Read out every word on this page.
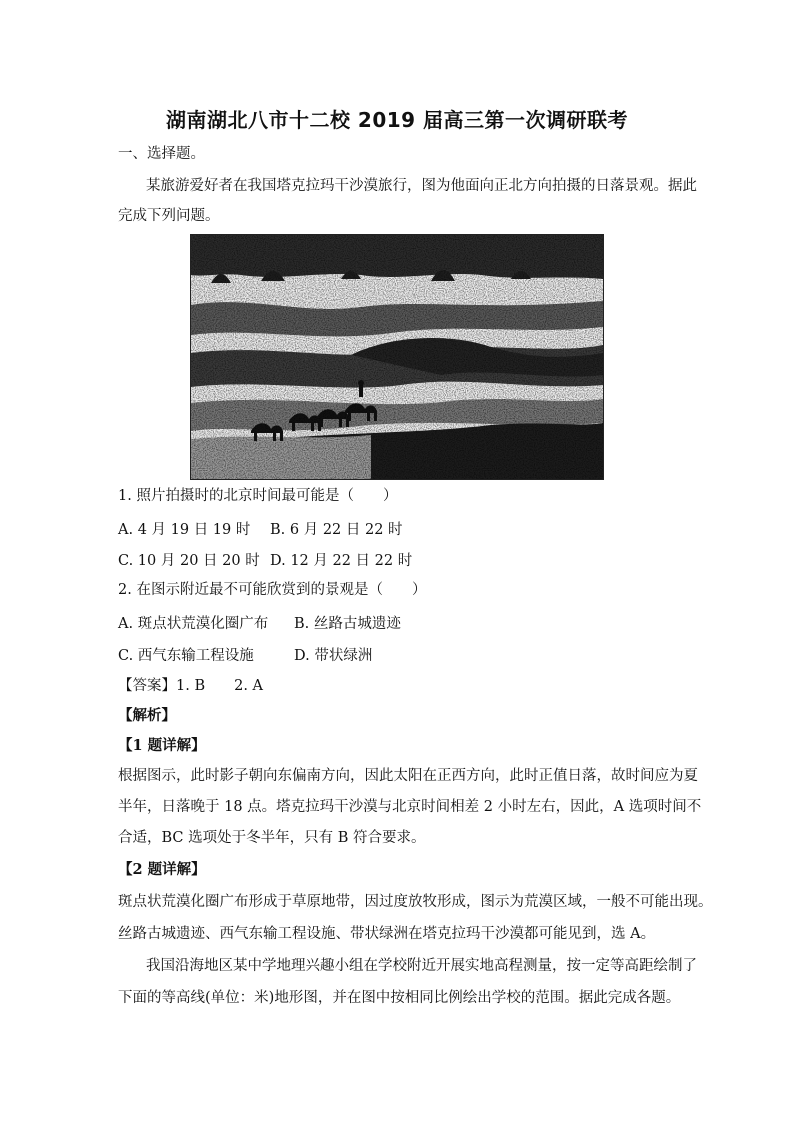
湖南湖北八市十二校 2019 届高三第一次调研联考
一、选择题。
某旅游爱好者在我国塔克拉玛干沙漠旅行，图为他面向正北方向拍摄的日落景观。据此
完成下列问题。
1. 照片拍摄时的北京时间最可能是（　　）
A. 4 月 19 日 19 时 B. 6 月 22 日 22 时
C. 10 月 20 日 20 时 D. 12 月 22 日 22 时
2. 在图示附近最不可能欣赏到的景观是（　　）
A. 斑点状荒漠化圈广布 B. 丝路古城遗迹
C. 西气东输工程设施	D. 带状绿洲
【答案】1. B　　2. A
【解析】
【1 题详解】
根据图示，此时影子朝向东偏南方向，因此太阳在正西方向，此时正值日落，故时间应为夏
半年，日落晚于 18 点。塔克拉玛干沙漠与北京时间相差 2 小时左右，因此，A 选项时间不
合适，BC 选项处于冬半年，只有 B 符合要求。
【2 题详解】
斑点状荒漠化圈广布形成于草原地带，因过度放牧形成，图示为荒漠区域，一般不可能出现。
丝路古城遗迹、西气东输工程设施、带状绿洲在塔克拉玛干沙漠都可能见到，选 A。
我国沿海地区某中学地理兴趣小组在学校附近开展实地高程测量，按一定等高距绘制了
下面的等高线(单位：米)地形图，并在图中按相同比例绘出学校的范围。据此完成各题。
